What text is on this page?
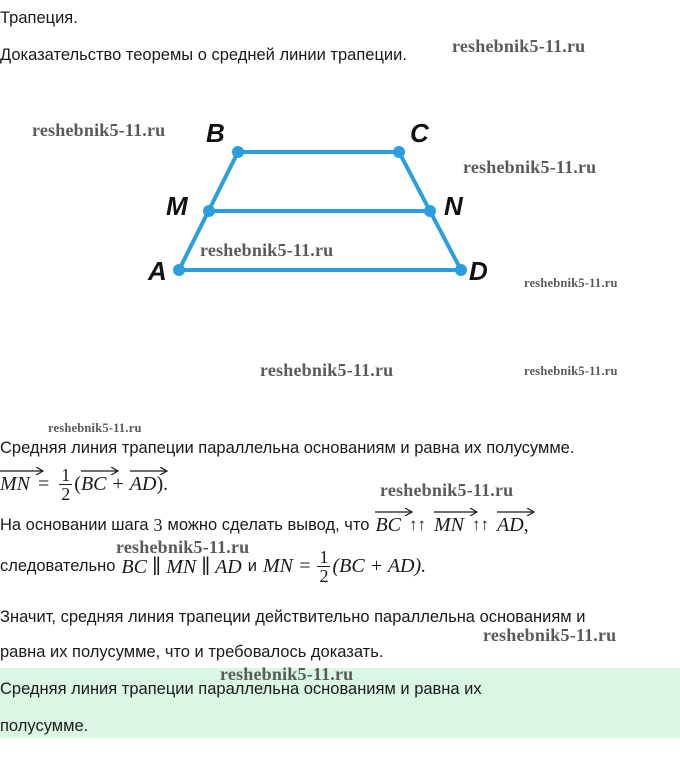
Трапеция.
Доказательство теоремы о средней линии трапеции.
B	C
M	N
A	D
Средняя линия трапеции параллельна основаниям и равна их полусумме.
MN = $\frac{1}{2}$ ( BC + AD ).
На основании шага 3 можно сделать вывод, что BC ↑↑ MN ↑↑ AD ,
следовательно BC ∥ MN ∥ AD и MN = $\frac{1}{2} (BC + AD)$.
Значит, средняя линия трапеции действительно параллельна основаниям и
равна их полусумме, что и требовалось доказать.
Средняя линия трапеции параллельна основаниям и равна их
полусумме.
reshebnik5-11.ru
reshebnik5-11.ru
reshebnik5-11.ru
reshebnik5-11.ru
reshebnik5-11.ru
reshebnik5-11.ru	reshebnik5-11.ru
reshebnik5-11.ru
reshebnik5-11.ru
reshebnik5-11.ru
reshebnik5-11.ru
reshebnik5-11.ru
